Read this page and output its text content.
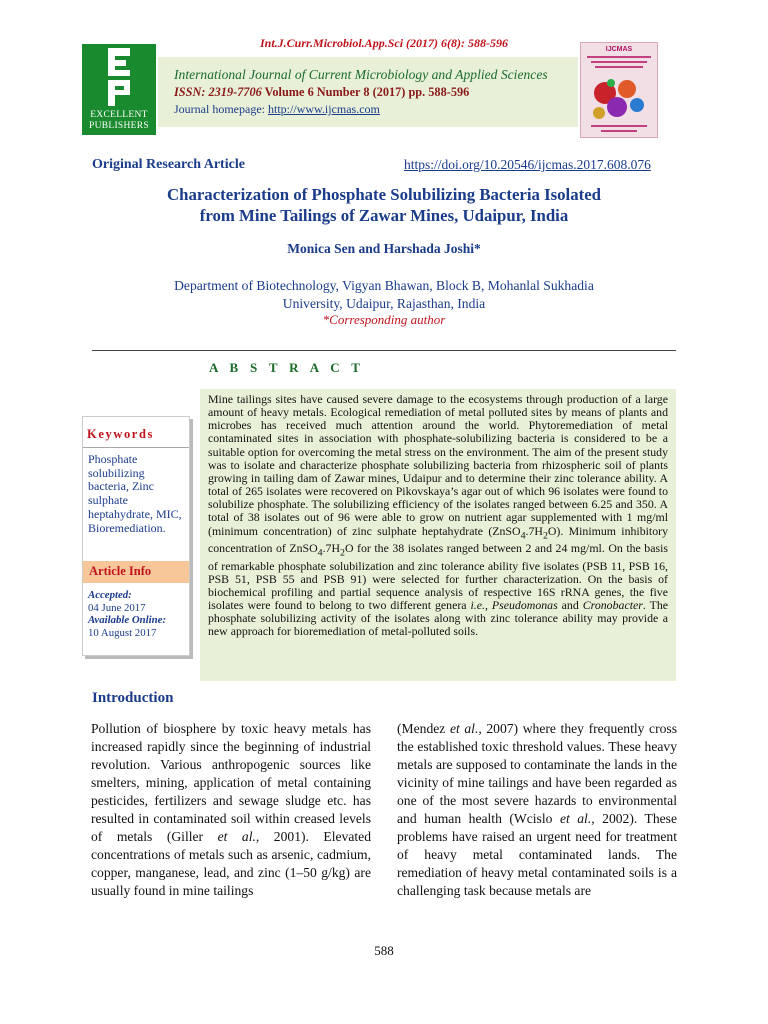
Int.J.Curr.Microbiol.App.Sci (2017) 6(8): 588-596
EXCELLENT
PUBLISHERS
International Journal of Current Microbiology and Applied Sciences
ISSN: 2319-7706 Volume 6 Number 8 (2017) pp. 588-596
Journal homepage: http://www.ijcmas.com
IJCMAS
Original Research Article	https://doi.org/10.20546/ijcmas.2017.608.076
Characterization of Phosphate Solubilizing Bacteria Isolated
from Mine Tailings of Zawar Mines, Udaipur, India
Monica Sen and Harshada Joshi*
Department of Biotechnology, Vigyan Bhawan, Block B, Mohanlal Sukhadia
University, Udaipur, Rajasthan, India
*Corresponding author
A B S T R A C T
Mine tailings sites have caused severe damage to the ecosystems through production of a large amount of heavy metals. Ecological remediation of metal polluted sites by means of plants and microbes has received much attention around the world. Phytoremediation of metal contaminated sites in association with phosphate-solubilizing bacteria is considered to be a suitable option for overcoming the metal stress on the environment. The aim of the present study was to isolate and characterize phosphate solubilizing bacteria from rhizospheric soil of plants growing in tailing dam of Zawar mines, Udaipur and to determine their zinc tolerance ability. A total of 265 isolates were recovered on Pikovskaya’s agar out of which 96 isolates were found to solubilize phosphate. The solubilizing efficiency of the isolates ranged between 6.25 and 350. A total of 38 isolates out of 96 were able to grow on nutrient agar supplemented with 1 mg/ml (minimum concentration) of zinc sulphate heptahydrate $(ZnSO_4.7H_2O)$. Minimum inhibitory concentration of $ZnSO_4.7H_2O$ for the 38 isolates ranged between 2 and 24 mg/ml. On the basis of remarkable phosphate solubilization and zinc tolerance ability five isolates (PSB 11, PSB 16, PSB 51, PSB 55 and PSB 91) were selected for further characterization. On the basis of biochemical profiling and partial sequence analysis of respective 16S rRNA genes, the five isolates were found to belong to two different genera i.e., Pseudomonas and Cronobacter. The phosphate solubilizing activity of the isolates along with zinc tolerance ability may provide a new approach for bioremediation of metal-polluted soils.
Keywords
Phosphate solubilizing bacteria, Zinc sulphate heptahydrate, MIC, Bioremediation.
Article Info
Accepted:
04 June 2017
Available Online:
10 August 2017
Introduction
Pollution of biosphere by toxic heavy metals has increased rapidly since the beginning of industrial revolution. Various anthropogenic sources like smelters, mining, application of metal containing pesticides, fertilizers and sewage sludge etc. has resulted in contaminated soil within creased levels of metals (Giller et al., 2001). Elevated concentrations of metals such as arsenic, cadmium, copper, manganese, lead, and zinc (1–50 g/kg) are usually found in mine tailings
(Mendez et al., 2007) where they frequently cross the established toxic threshold values. These heavy metals are supposed to contaminate the lands in the vicinity of mine tailings and have been regarded as one of the most severe hazards to environmental and human health (Wcislo et al., 2002). These problems have raised an urgent need for treatment of heavy metal contaminated lands. The remediation of heavy metal contaminated soils is a challenging task because metals are
588
